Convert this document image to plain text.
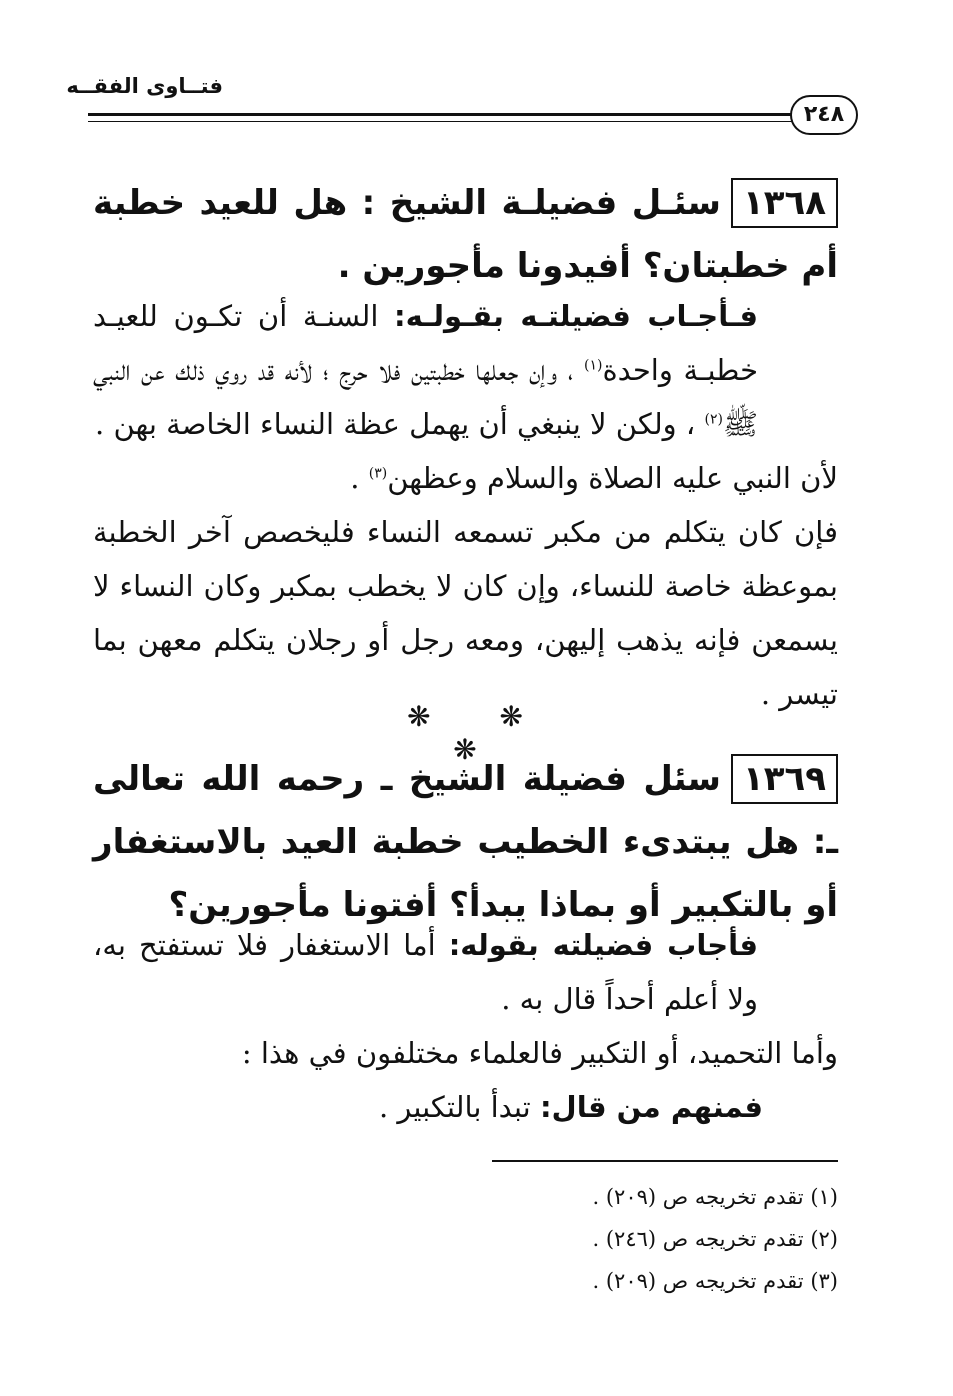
فتــاوى الفقــه
٢٤٨
١٣٦٨سئـل فضيلـة الشيخ : هل للعيد خطبة أم خطبتان؟ أفيدونا مأجورين .
فـأجـاب فضيلتـه بقـولـه: السنـة أن تكـون للعيـد خطبـة واحدة$^{(١)}$ ، وإن جعلها خطبتين فلا حرج ؛ لأنه قد روي ذلك عن النبي ﷺ$^{(٢)}$ ، ولكن لا ينبغي أن يهمل عظة النساء الخاصة بهن .
لأن النبي عليه الصلاة والسلام وعظهن$^{(٣)}$ .
فإن كان يتكلم من مكبر تسمعه النساء فليخصص آخر الخطبة بموعظة خاصة للنساء، وإن كان لا يخطب بمكبر وكان النساء لا يسمعن فإنه يذهب إليهن، ومعه رجل أو رجلان يتكلم معهن بما تيسر .
❋ ❋ ❋
١٣٦٩سئل فضيلة الشيخ ـ رحمه الله تعالى ـ: هل يبتدىء الخطيب خطبة العيد بالاستغفار أو بالتكبير أو بماذا يبدأ؟ أفتونا مأجورين؟
فأجاب فضيلته بقوله: أما الاستغفار فلا تستفتح به، ولا أعلم أحداً قال به .
وأما التحميد، أو التكبير فالعلماء مختلفون في هذا :
فمنهم من قال: تبدأ بالتكبير .
(١) تقدم تخريجه ص (٢٠٩) .
(٢) تقدم تخريجه ص (٢٤٦) .
(٣) تقدم تخريجه ص (٢٠٩) .
